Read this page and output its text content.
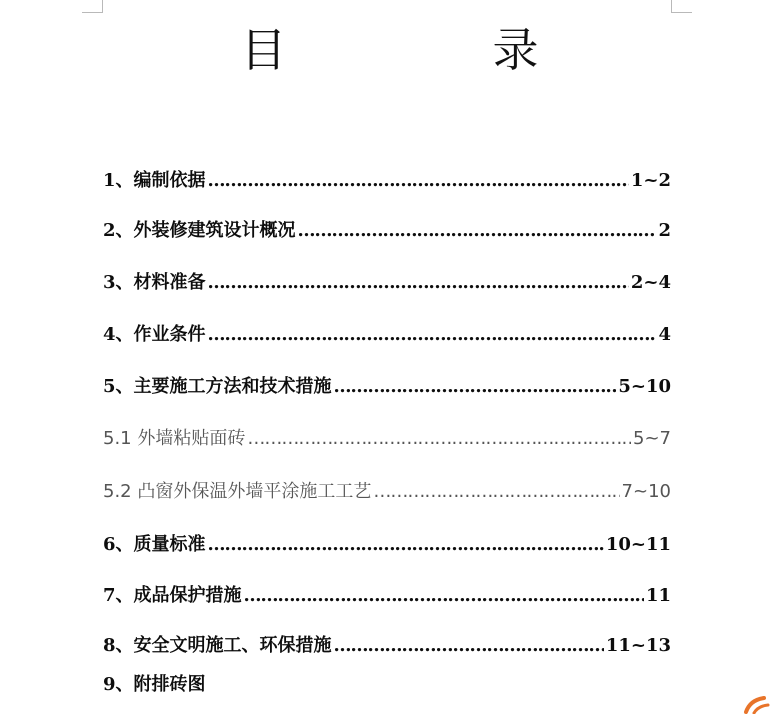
目　录
1、编制依据 ………………………………………………………………………………………………………………………………………………………………	1~2
2、外装修建筑设计概况 ………………………………………………………………………………………………………………………………………………………………	2
3、材料准备 ………………………………………………………………………………………………………………………………………………………………	2~4
4、作业条件 ………………………………………………………………………………………………………………………………………………………………	4
5、主要施工方法和技术措施 ………………………………………………………………………………………………………………………………………………………………	5~10
5.1 外墙粘贴面砖 ………………………………………………………………………………………………………………………………………………………………	5~7
5.2 凸窗外保温外墙平涂施工工艺 ………………………………………………………………………………………………………………………………………………………………	7~10
6、质量标准 ………………………………………………………………………………………………………………………………………………………………	10~11
7、成品保护措施 ………………………………………………………………………………………………………………………………………………………………	11
8、安全文明施工、环保措施 ………………………………………………………………………………………………………………………………………………………………	11~13
9、附排砖图
